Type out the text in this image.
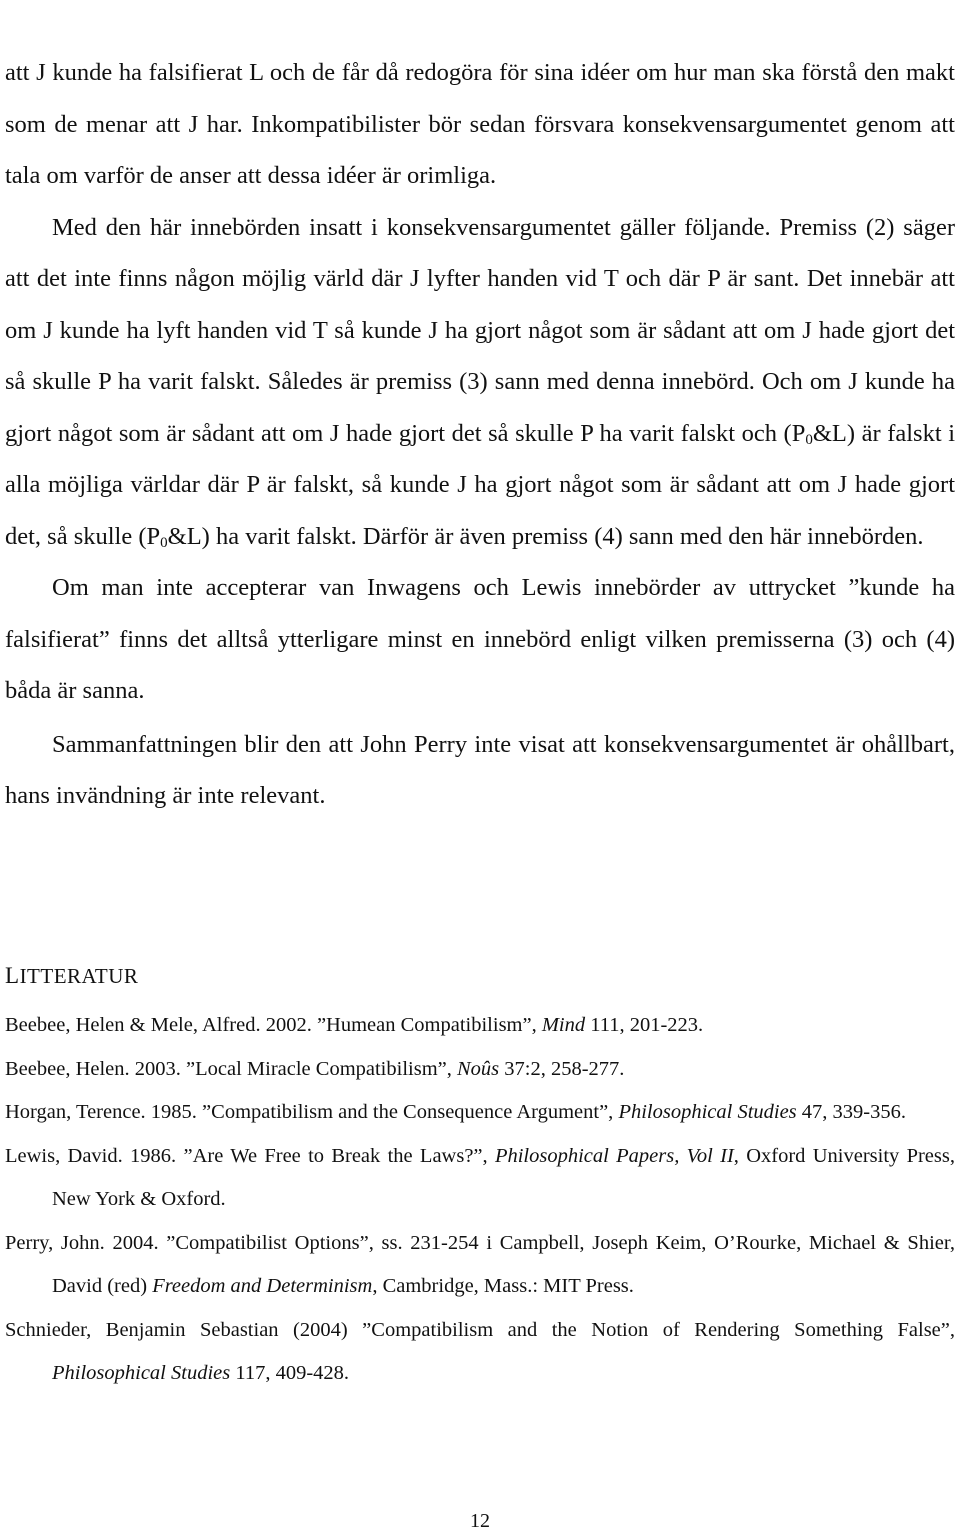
att J kunde ha falsifierat L och de får då redogöra för sina idéer om hur man ska förstå den makt som de menar att J har. Inkompatibilister bör sedan försvara konsekvensargumentet genom att tala om varför de anser att dessa idéer är orimliga.

Med den här innebörden insatt i konsekvensargumentet gäller följande. Premiss (2) säger att det inte finns någon möjlig värld där J lyfter handen vid T och där P är sant. Det innebär att om J kunde ha lyft handen vid T så kunde J ha gjort något som är sådant att om J hade gjort det så skulle P ha varit falskt. Således är premiss (3) sann med denna innebörd. Och om J kunde ha gjort något som är sådant att om J hade gjort det så skulle P ha varit falskt och $(P_0\&L)$ är falskt i alla möjliga världar där P är falskt, så kunde J ha gjort något som är sådant att om J hade gjort det, så skulle $(P_0\&L)$ ha varit falskt. Därför är även premiss (4) sann med den här innebörden.

Om man inte accepterar van Inwagens och Lewis innebörder av uttrycket ”kunde ha falsifierat” finns det alltså ytterligare minst en innebörd enligt vilken premisserna (3) och (4) båda är sanna.

Sammanfattningen blir den att John Perry inte visat att konsekvensargumentet är ohållbart, hans invändning är inte relevant.

LITTERATUR
Beebee, Helen & Mele, Alfred. 2002. ”Humean Compatibilism”, Mind 111, 201-223.
Beebee, Helen. 2003. ”Local Miracle Compatibilism”, Noûs 37:2, 258-277.
Horgan, Terence. 1985. ”Compatibilism and the Consequence Argument”, Philosophical Studies 47, 339-356.
Lewis, David. 1986. ”Are We Free to Break the Laws?”, Philosophical Papers, Vol II, Oxford University Press, New York & Oxford.
Perry, John. 2004. ”Compatibilist Options”, ss. 231-254 i Campbell, Joseph Keim, O’Rourke, Michael & Shier, David (red) Freedom and Determinism, Cambridge, Mass.: MIT Press.
Schnieder, Benjamin Sebastian (2004) ”Compatibilism and the Notion of Rendering Something False”, Philosophical Studies 117, 409-428.
12
